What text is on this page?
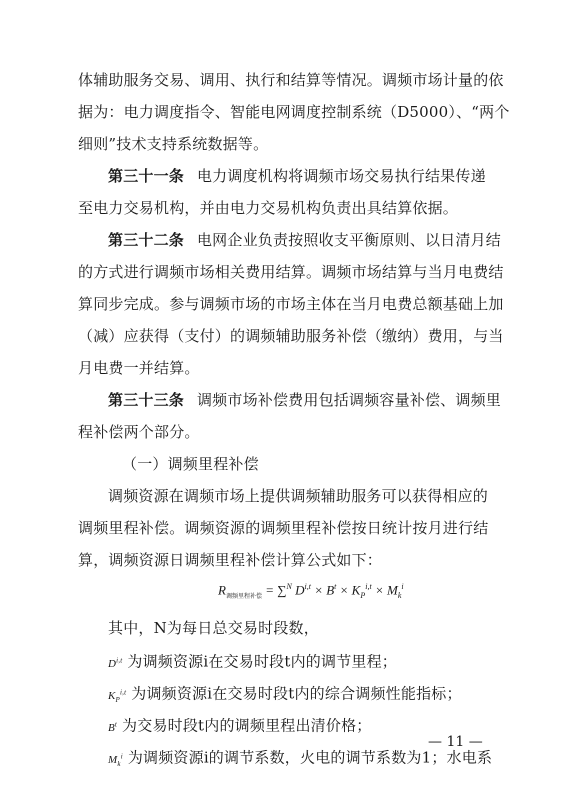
体辅助服务交易、调用、执行和结算等情况。调频市场计量的依
据为：电力调度指令、智能电网调度控制系统（D5000）、“两个
细则”技术支持系统数据等。
第三十一条 电力调度机构将调频市场交易执行结果传递
至电力交易机构，并由电力交易机构负责出具结算依据。
第三十二条 电网企业负责按照收支平衡原则、以日清月结
的方式进行调频市场相关费用结算。调频市场结算与当月电费结
算同步完成。参与调频市场的市场主体在当月电费总额基础上加
（减）应获得（支付）的调频辅助服务补偿（缴纳）费用，与当
月电费一并结算。
第三十三条 调频市场补偿费用包括调频容量补偿、调频里
程补偿两个部分。
（一）调频里程补偿
调频资源在调频市场上提供调频辅助服务可以获得相应的
调频里程补偿。调频资源的调频里程补偿按日统计按月进行结
算，调频资源日调频里程补偿计算公式如下：
$R_{调频里程补偿} = \sum^N$ $D^{i,t} \times B^t \times K_P^{i,t} \times M_k^i$
其中，N为每日总交易时段数，
D$^{i,t}$ 为调频资源i在交易时段t内的调节里程；
$K_P^{i,t}$ 为调频资源i在交易时段t内的综合调频性能指标；
$B^t$ 为交易时段t内的调频里程出清价格；
$M_k^i$ 为调频资源i的调节系数，火电的调节系数为1；水电系
— 11 —
